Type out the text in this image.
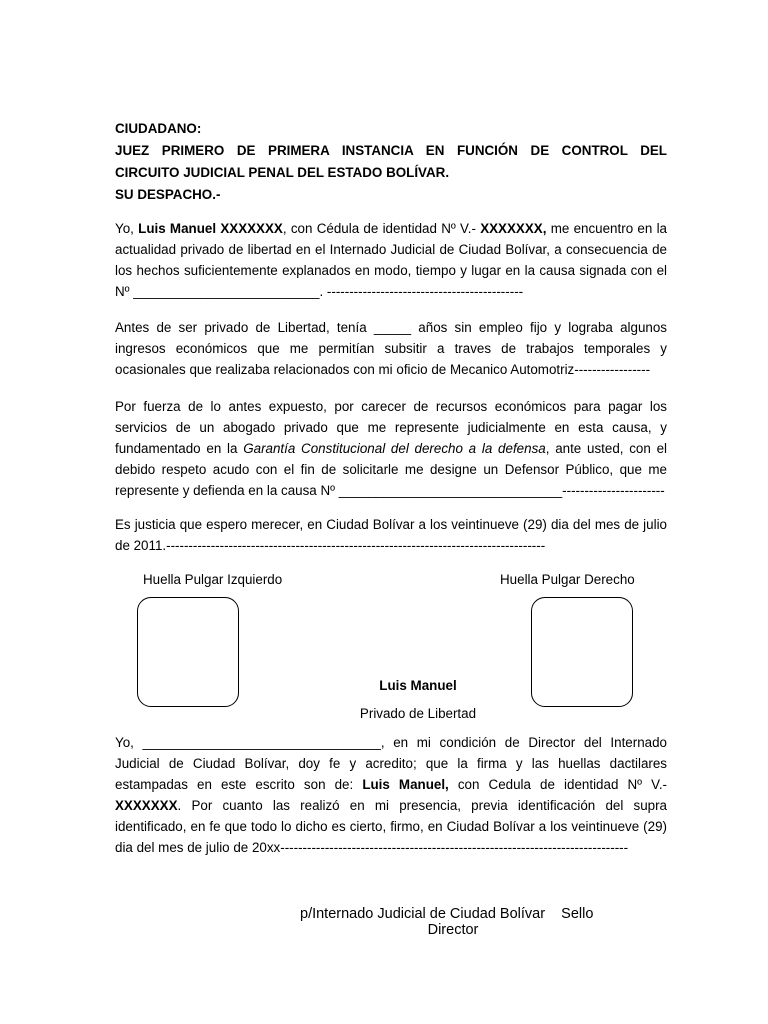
CIUDADANO:
JUEZ PRIMERO DE PRIMERA INSTANCIA EN FUNCIÓN DE CONTROL DEL
CIRCUITO JUDICIAL PENAL DEL ESTADO BOLÍVAR.
SU DESPACHO.-
Yo, Luis Manuel XXXXXXX, con Cédula de identidad Nº V.- XXXXXXX, me encuentro en la actualidad privado de libertad en el Internado Judicial de Ciudad Bolívar, a consecuencia de los hechos suficientemente explanados en modo, tiempo y lugar en la causa signada con el Nº _________________________. --------------------------------------------
Antes de ser privado de Libertad, tenía _____ años sin empleo fijo y lograba algunos ingresos económicos que me permitían subsitir a traves de trabajos temporales y ocasionales que realizaba relacionados con mi oficio de Mecanico Automotriz-----------------
Por fuerza de lo antes expuesto, por carecer de recursos económicos para pagar los servicios de un abogado privado que me represente judicialmente en esta causa, y fundamentado en la Garantía Constitucional del derecho a la defensa, ante usted, con el debido respeto acudo con el fin de solicitarle me designe un Defensor Público, que me represente y defienda en la causa Nº ______________________________-----------------------
Es justicia que espero merecer, en Ciudad Bolívar a los veintinueve (29) dia del mes de julio de 2011.-------------------------------------------------------------------------------------
Huella Pulgar Izquierdo	Huella Pulgar Derecho
Luis Manuel
Privado de Libertad
Yo, ________________________________, en mi condición de Director del Internado Judicial de Ciudad Bolívar, doy fe y acredito; que la firma y las huellas dactilares estampadas en este escrito son de: Luis Manuel, con Cedula de identidad Nº V.- XXXXXXX. Por cuanto las realizó en mi presencia, previa identificación del supra identificado, en fe que todo lo dicho es cierto, firmo, en Ciudad Bolívar a los veintinueve (29) dia del mes de julio de 20xx------------------------------------------------------------------------------
p/Internado Judicial de Ciudad Bolívar    Sello
Director
